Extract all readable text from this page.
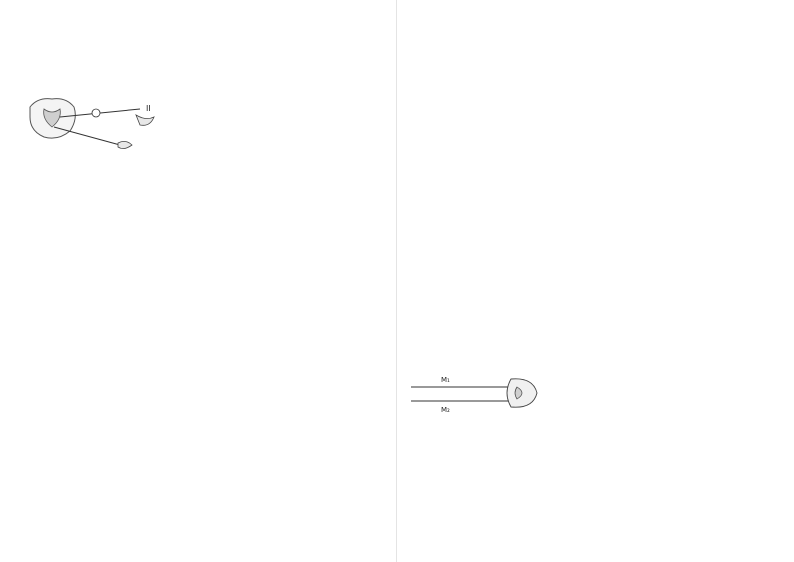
II
M₁
M₂
